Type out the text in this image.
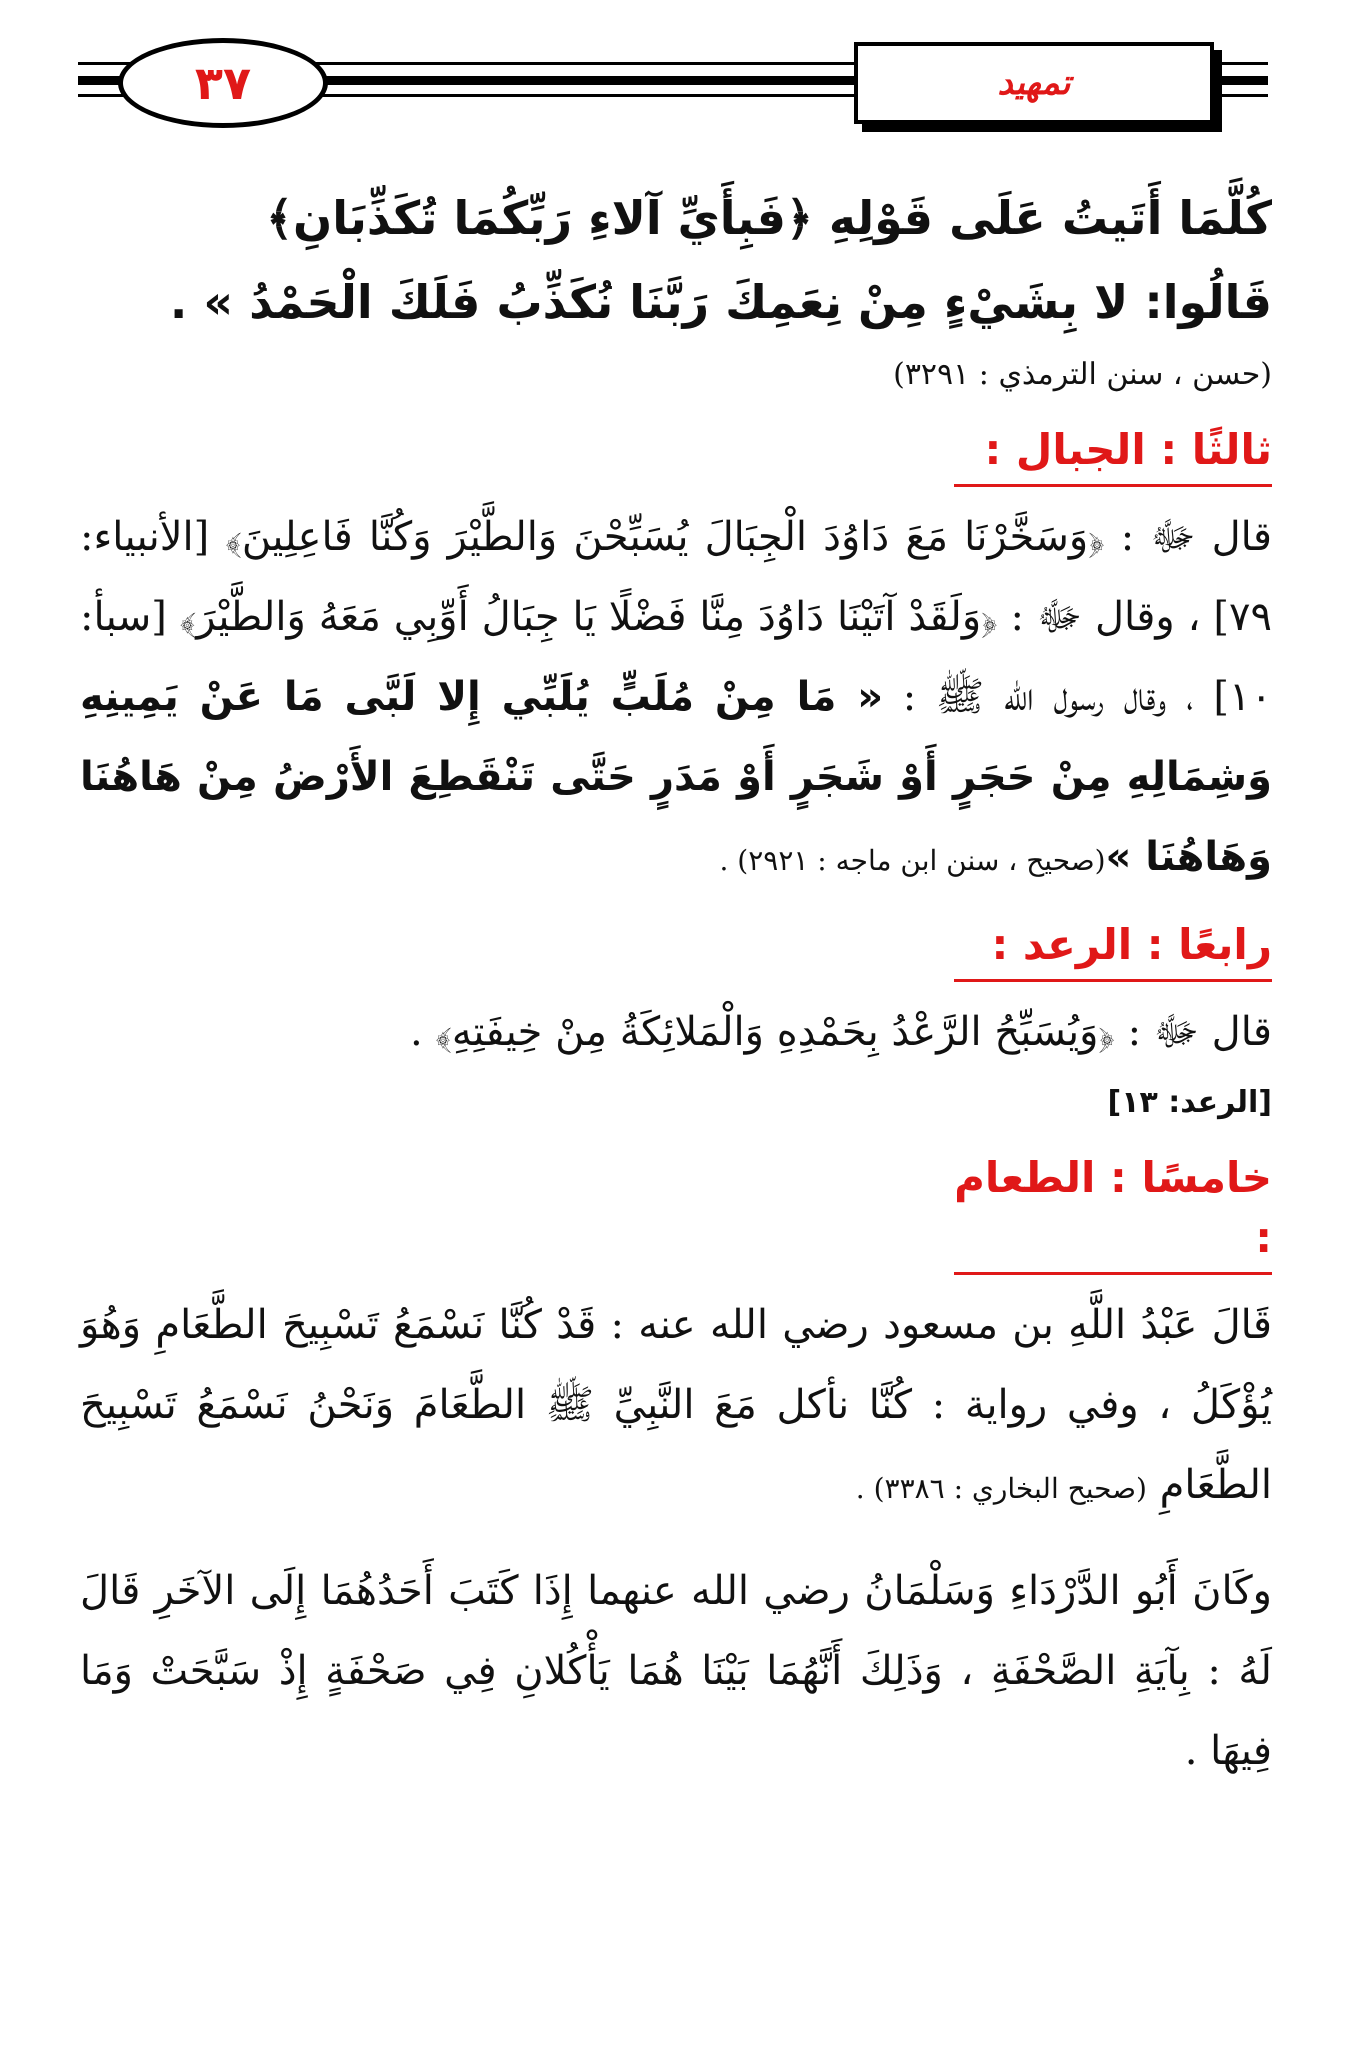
٣٧	تمهيد

كُلَّمَا أَتَيتُ عَلَى قَوْلِهِ ﴿فَبِأَيِّ آلاءِ رَبِّكُمَا تُكَذِّبَانِ﴾

قَالُوا: لا بِشَيْءٍ مِنْ نِعَمِكَ رَبَّنَا نُكَذِّبُ فَلَكَ الْحَمْدُ » .

(حسن ، سنن الترمذي : ٣٢٩١)

ثالثًا : الجبال :

قال ﷻ : ﴿وَسَخَّرْنَا مَعَ دَاوُدَ الْجِبَالَ يُسَبِّحْنَ وَالطَّيْرَ وَكُنَّا فَاعِلِينَ﴾ [الأنبياء: ٧٩] ، وقال ﷻ : ﴿وَلَقَدْ آتَيْنَا دَاوُدَ مِنَّا فَضْلًا يَا جِبَالُ أَوِّبِي مَعَهُ وَالطَّيْرَ﴾ [سبأ: ١٠] ، وقال رسول الله ﷺ : « مَا مِنْ مُلَبٍّ يُلَبِّي إِلا لَبَّى مَا عَنْ يَمِينِهِ وَشِمَالِهِ مِنْ حَجَرٍ أَوْ شَجَرٍ أَوْ مَدَرٍ حَتَّى تَنْقَطِعَ الأَرْضُ مِنْ هَاهُنَا وَهَاهُنَا »(صحيح ، سنن ابن ماجه : ٢٩٢١) .

رابعًا : الرعد :

قال ﷻ : ﴿وَيُسَبِّحُ الرَّعْدُ بِحَمْدِهِ وَالْمَلائِكَةُ مِنْ خِيفَتِهِ﴾ .

[الرعد: ١٣]

خامسًا : الطعام :

قَالَ عَبْدُ اللَّهِ بن مسعود رضي الله عنه : قَدْ كُنَّا نَسْمَعُ تَسْبِيحَ الطَّعَامِ وَهُوَ يُؤْكَلُ ، وفي رواية : كُنَّا نأكل مَعَ النَّبِيِّ ﷺ الطَّعَامَ وَنَحْنُ نَسْمَعُ تَسْبِيحَ الطَّعَامِ (صحيح البخاري : ٣٣٨٦) .

وكَانَ أَبُو الدَّرْدَاءِ وَسَلْمَانُ رضي الله عنهما إِذَا كَتَبَ أَحَدُهُمَا إِلَى الآخَرِ قَالَ لَهُ : بِآيَةِ الصَّحْفَةِ ، وَذَلِكَ أَنَّهُمَا بَيْنَا هُمَا يَأْكُلانِ فِي صَحْفَةٍ إِذْ سَبَّحَتْ وَمَا فِيهَا .
